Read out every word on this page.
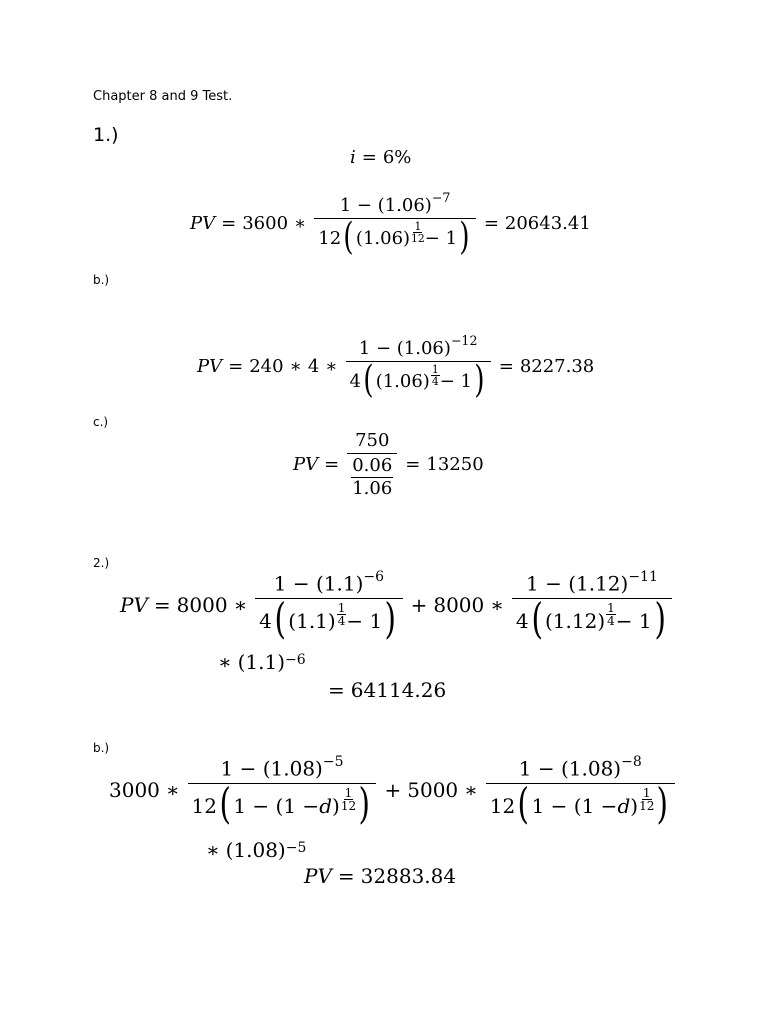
Chapter 8 and 9 Test.
1.)
i = 6%
PV = 3600 ∗ $1 - (1.06)^{-7}$
12 ( (1.06)
1
12 − 1 ) = 20643.41
b.)
PV = 240 ∗ 4 ∗ $1 - (1.06)^{-12}$
4 ( (1.06)
1
4 − 1 ) = 8227.38
c.)
PV = 750
0.06
1.06 = 13250
2.)
PV = 8000 ∗ $1 - (1.1)^{-6}$
4 ( (1.1)
1
4 − 1 ) + 8000 ∗ $1 - (1.12)^{-11}$
4 ( (1.12)
1
4 − 1 )
∗ (1.1) −6
= 64114.26
b.)
3000 ∗ $1 - (1.08)^{-5}$
12 ( 1 − (1 − d )
1
12 ) + 5000 ∗ $1 - (1.08)^{-8}$
12 ( 1 − (1 − d )
1
12 )
∗ (1.08) −5
PV = 32883.84
